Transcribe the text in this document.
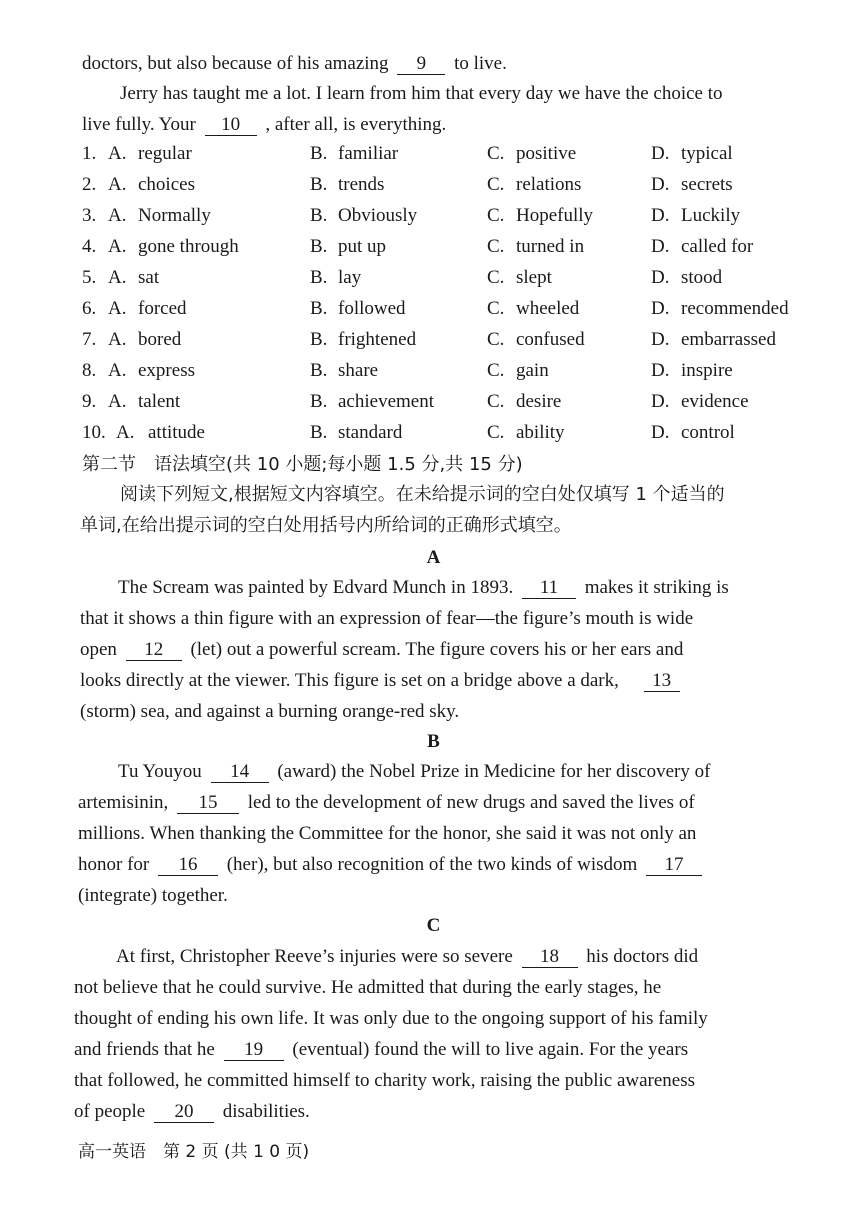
doctors, but also because of his amazing 9 to live.
Jerry has taught me a lot. I learn from him that every day we have the choice to
live fully. Your 10 , after all, is everything.
1. A. regular	B. familiar	C. positive	D. typical
2. A. choices	B. trends	C. relations	D. secrets
3. A. Normally	B. Obviously	C. Hopefully	D. Luckily
4. A. gone through	B. put up	C. turned in	D. called for
5. A. sat	B. lay	C. slept	D. stood
6. A. forced	B. followed	C. wheeled	D. recommended
7. A. bored	B. frightened	C. confused	D. embarrassed
8. A. express	B. share	C. gain	D. inspire
9. A. talent	B. achievement	C. desire	D. evidence
10. A. attitude	B. standard	C. ability	D. control
第二节　语法填空(共 10 小题;每小题 1.5 分,共 15 分)
阅读下列短文,根据短文内容填空。在未给提示词的空白处仅填写 1 个适当的
单词,在给出提示词的空白处用括号内所给词的正确形式填空。
A
The Scream was painted by Edvard Munch in 1893. 11 makes it striking is
that it shows a thin figure with an expression of fear—the figure’s mouth is wide
open 12 (let) out a powerful scream. The figure covers his or her ears and
looks directly at the viewer. This figure is set on a bridge above a dark, 13
(storm) sea, and against a burning orange-red sky.
B
Tu Youyou 14 (award) the Nobel Prize in Medicine for her discovery of
artemisinin, 15 led to the development of new drugs and saved the lives of
millions. When thanking the Committee for the honor, she said it was not only an
honor for 16 (her), but also recognition of the two kinds of wisdom 17
(integrate) together.
C
At first, Christopher Reeve’s injuries were so severe 18 his doctors did
not believe that he could survive. He admitted that during the early stages, he
thought of ending his own life. It was only due to the ongoing support of his family
and friends that he 19 (eventual) found the will to live again. For the years
that followed, he committed himself to charity work, raising the public awareness
of people 20 disabilities.
高一英语　第 2 页 (共 1 0 页)
